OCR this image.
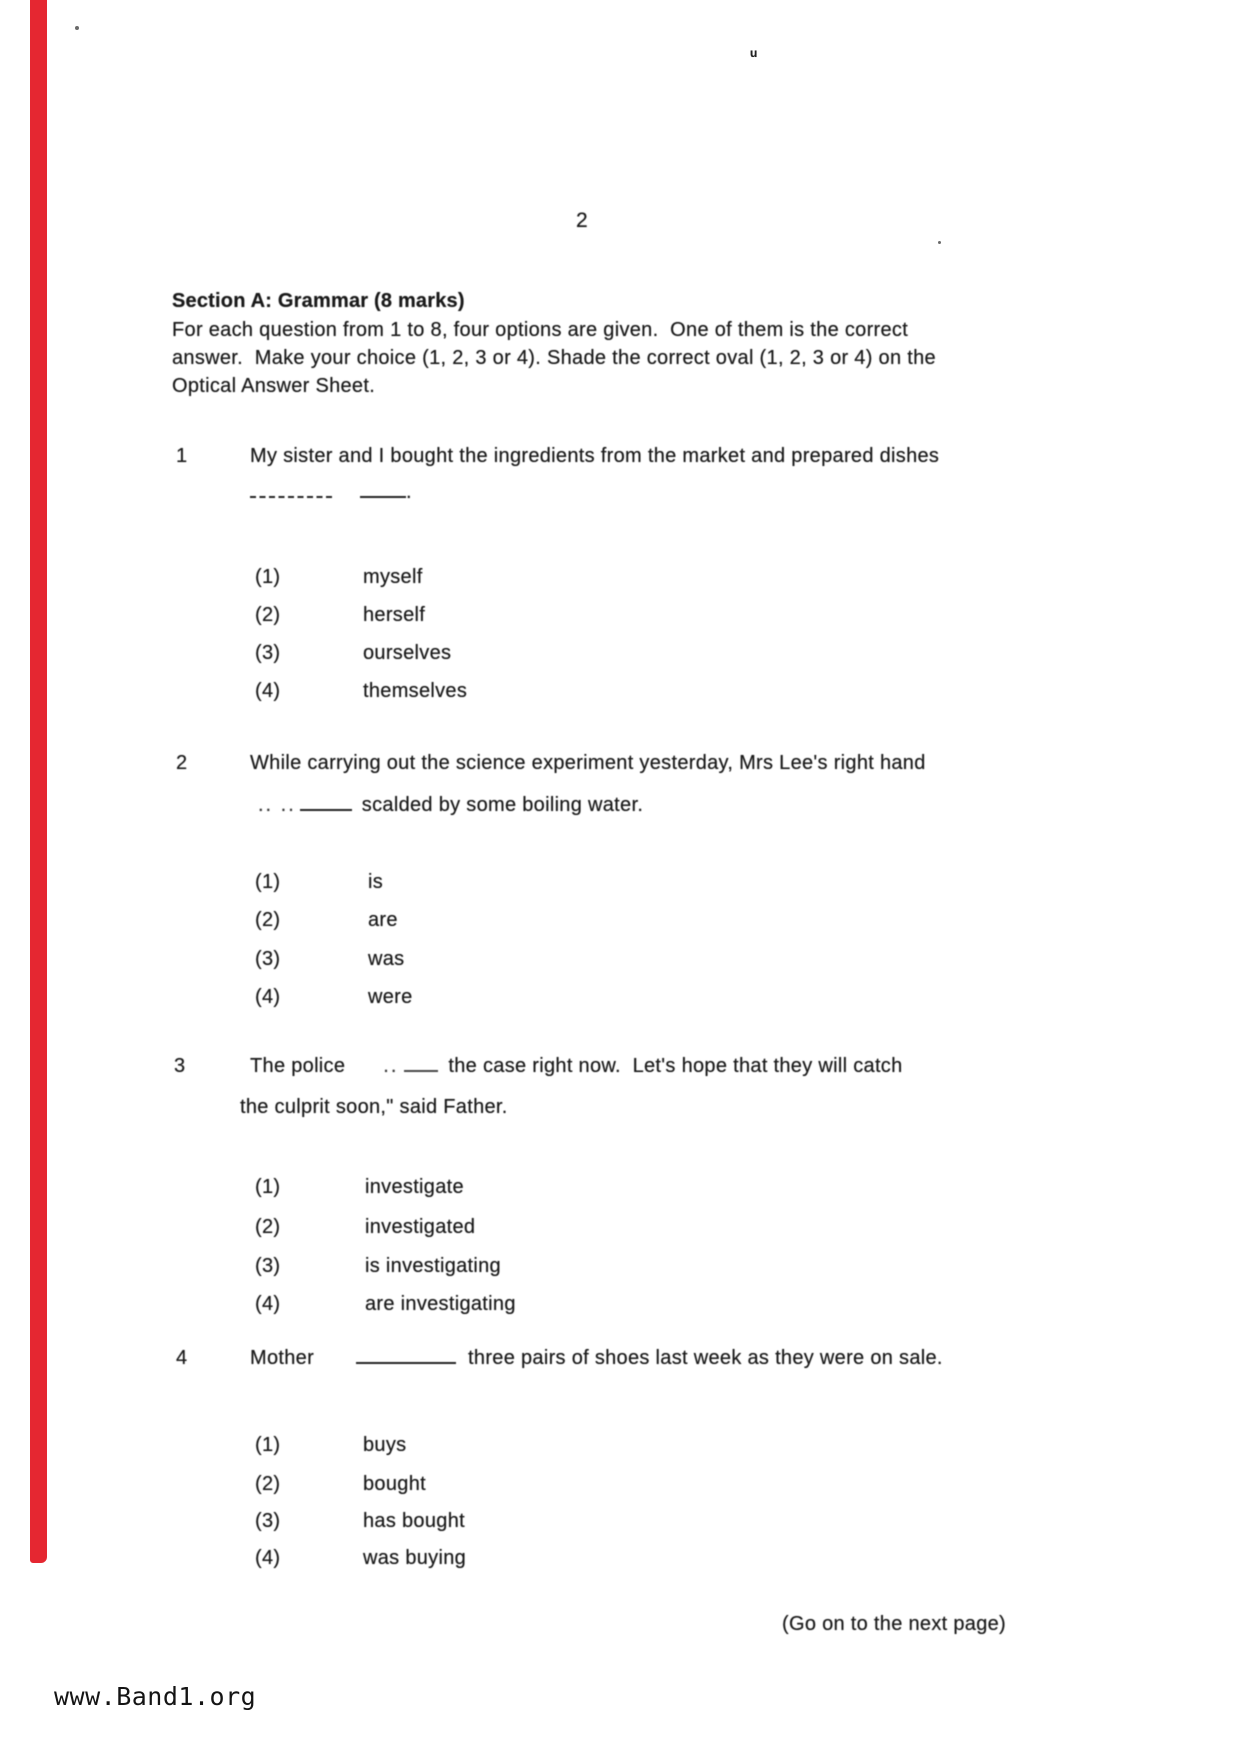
u
2
Section A: Grammar (8 marks)
For each question from 1 to 8, four options are given.  One of them is the correct
answer.  Make your choice (1, 2, 3 or 4). Shade the correct oval (1, 2, 3 or 4) on the
Optical Answer Sheet.
1	My sister and I bought the ingredients from the market and prepared dishes
.
(1)	myself
(2)	herself
(3)	ourselves
(4)	themselves
2	While carrying out the science experiment yesterday, Mrs Lee's right hand
.. ..	scalded by some boiling water.
(1)	is
(2)	are
(3)	was
(4)	were
3	The police ..	the case right now.  Let's hope that they will catch
the culprit soon," said Father.
(1)	investigate
(2)	investigated
(3)	is investigating
(4)	are investigating
4	Mother	three pairs of shoes last week as they were on sale.
(1)	buys
(2)	bought
(3)	has bought
(4)	was buying
(Go on to the next page)
www.Band1.org
